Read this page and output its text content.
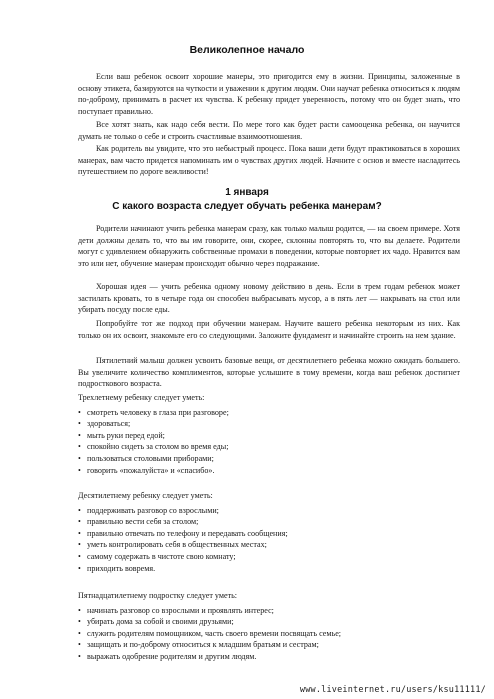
Великолепное начало
Если ваш ребенок освоит хорошие манеры, это пригодится ему в жизни. Принципы, заложенные в основу этикета, базируются на чуткости и уважении к другим людям. Они научат ребенка относиться к людям по-доброму, принимать в расчет их чувства. К ребенку придет уверенность, потому что он будет знать, что поступает правильно.
Все хотят знать, как надо себя вести. По мере того как будет расти самооценка ребенка, он научится думать не только о себе и строить счастливые взаимоотношения.
Как родитель вы увидите, что это небыстрый процесс. Пока ваши дети будут практиковаться в хороших манерах, вам часто придется напоминать им о чувствах других людей. Начните с основ и вместе насладитесь путешествием по дороге вежливости!
1 января
С какого возраста следует обучать ребенка манерам?
Родители начинают учить ребенка манерам сразу, как только малыш родится, — на своем примере. Хотя дети должны делать то, что вы им говорите, они, скорее, склонны повторять то, что вы делаете. Родители могут с удивлением обнаружить собственные промахи в поведении, которые повторяет их чадо. Нравится вам это или нет, обучение манерам происходит обычно через подражание.
Хорошая идея — учить ребенка одному новому действию в день. Если в трем годам ребенок может застилать кровать, то в четыре года он способен выбрасывать мусор, а в пять лет — накрывать на стол или убирать посуду после еды.
Попробуйте тот же подход при обучении манерам. Научите вашего ребенка некоторым из них. Как только он их освоит, знакомьте его со следующими. Заложите фундамент и начинайте строить на нем здание.
Пятилетний малыш должен усвоить базовые вещи, от десятилетнего ребенка можно ожидать большего. Вы увеличите количество комплиментов, которые услышите в тому времени, когда ваш ребенок достигнет подросткового возраста.
Трехлетнему ребенку следует уметь:
• смотреть человеку в глаза при разговоре;
• здороваться;
• мыть руки перед едой;
• спокойно сидеть за столом во время еды;
• пользоваться столовыми приборами;
• говорить «пожалуйста» и «спасибо».
Десятилетнему ребенку следует уметь:
• поддерживать разговор со взрослыми;
• правильно вести себя за столом;
• правильно отвечать по телефону и передавать сообщения;
• уметь контролировать себя в общественных местах;
• самому содержать в чистоте свою комнату;
• приходить вовремя.
Пятнадцатилетнему подростку следует уметь:
• начинать разговор со взрослыми и проявлять интерес;
• убирать дома за собой и своими друзьями;
• служить родителям помощником, часть своего времени посвящать семье;
• защищать и по-доброму относиться к младшим братьям и сестрам;
• выражать одобрение родителям и другим людям.
www.liveinternet.ru/users/ksu11111/
